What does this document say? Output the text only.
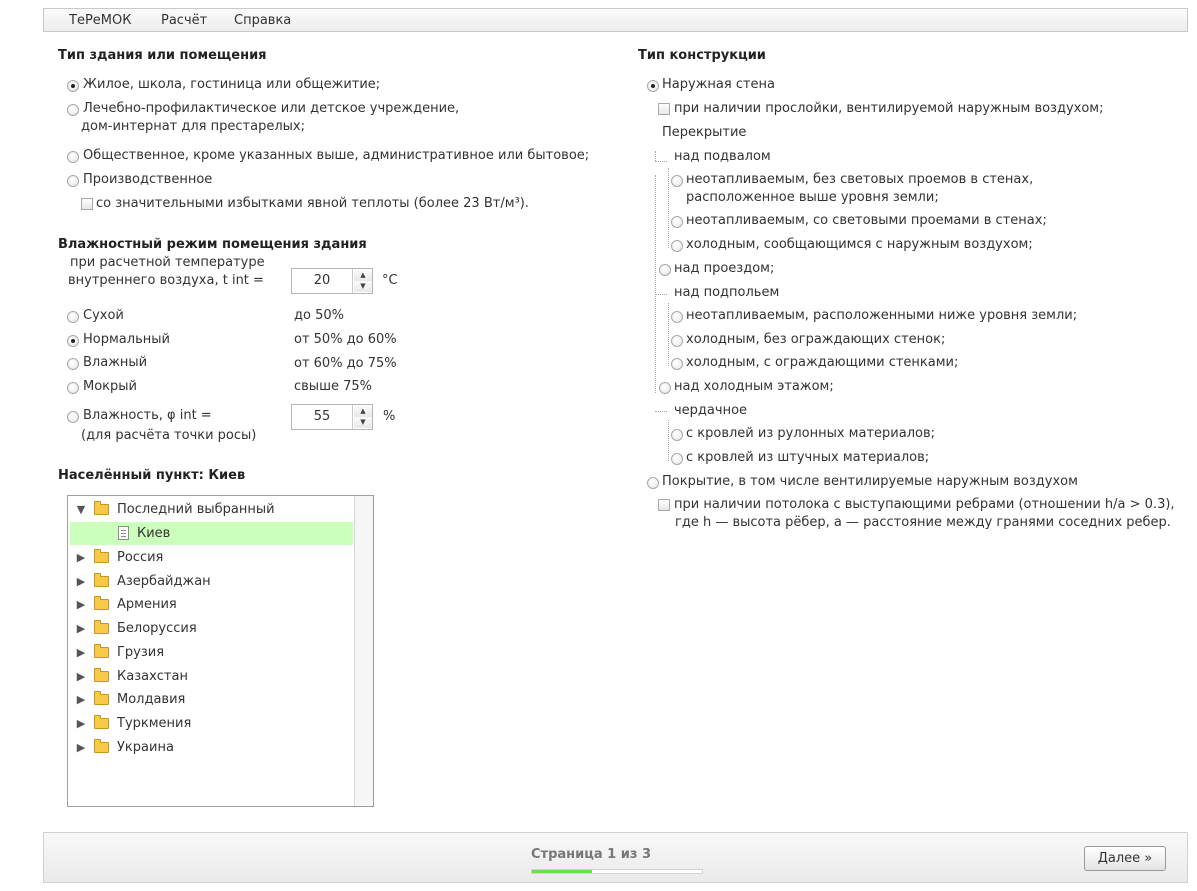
ТеРеМОК Расчёт Справка
Тип здания или помещения
Жилое, школа, гостиница или общежитие;
Лечебно-профилактическое или детское учреждение,
дом-интернат для престарелых;
Общественное, кроме указанных выше, административное или бытовое;
Производственное
со значительными избытками явной теплоты (более 23 Вт/м³).
Влажностный режим помещения здания
при расчетной температуре
внутреннего воздуха, t int =	20	▲
▼	°C
Сухой	до 50%
Нормальный	от 50% до 60%
Влажный	от 60% до 75%
Мокрый	свыше 75%
Влажность, φ int =
(для расчёта точки росы)
55	▲
▼	%
Населённый пункт: Киев
▼ Последний выбранный
Киев
▶ Россия
▶ Азербайджан
▶ Армения
▶ Белоруссия
▶ Грузия
▶ Казахстан
▶ Молдавия
▶ Туркмения
▶ Украина
Тип конструкции
Наружная стена
при наличии прослойки, вентилируемой наружным воздухом;
Перекрытие
над подвалом
неотапливаемым, без световых проемов в стенах,
расположенное выше уровня земли;
неотапливаемым, со световыми проемами в стенах;
холодным, сообщающимся с наружным воздухом;
над проездом;
над подпольем
неотапливаемым, расположенными ниже уровня земли;
холодным, без ограждающих стенок;
холодным, с ограждающими стенками;
над холодным этажом;
чердачное
с кровлей из рулонных материалов;
с кровлей из штучных материалов;
Покрытие, в том числе вентилируемые наружным воздухом
при наличии потолока с выступающими ребрами (отношении h/a > 0.3),
где h — высота рёбер, a — расстояние между гранями соседних ребер.
Страница 1 из 3	Далее »
